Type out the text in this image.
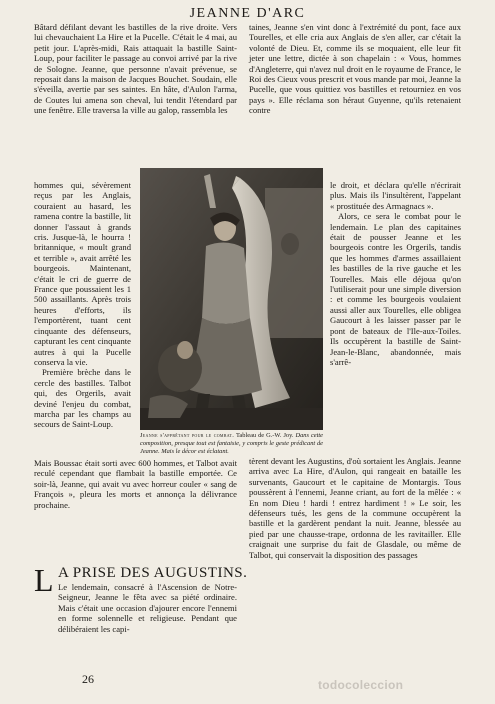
JEANNE D'ARC

Bâtard défilant devant les bastilles de la rive droite. Vers lui chevauchaient La Hire et la Pucelle. C'était le 4 mai, au petit jour. L'après-midi, Rais attaquait la bastille Saint-Loup, pour faciliter le passage au convoi arrivé par la rive de Sologne. Jeanne, que personne n'avait prévenue, se reposait dans la maison de Jacques Bouchet. Soudain, elle s'éveilla, avertie par ses saintes. En hâte, d'Aulon l'arma, de Coutes lui amena son cheval, lui tendit l'étendard par une fenêtre. Elle traversa la ville au galop, rassembla les

taines, Jeanne s'en vint donc à l'extrémité du pont, face aux Tourelles, et elle cria aux Anglais de s'en aller, car c'était la volonté de Dieu. Et, comme ils se moquaient, elle leur fit jeter une lettre, dictée à son chapelain : « Vous, hommes d'Angleterre, qui n'avez nul droit en le royaume de France, le Roi des Cieux vous prescrit et vous mande par moi, Jeanne la Pucelle, que vous quittiez vos bastilles et retourniez en vos pays ». Elle réclama son héraut Guyenne, qu'ils retenaient contre

hommes qui, sévèrement reçus par les Anglais, couraient au hasard, les ramena contre la bastille, lit donner l'assaut à grands cris. Jusque-là, le hourra ! britannique, « moult grand et terrible », avait arrêté les bourgeois. Maintenant, c'était le cri de guerre de France que poussaient les 1 500 assaillants. Après trois heures d'efforts, ils l'emportèrent, tuant cent cinquante des défenseurs, capturant les cent cinquante autres à qui la Pucelle conserva la vie.

Première brèche dans le cercle des bastilles. Talbot qui, des Orgerils, avait deviné l'enjeu du combat, marcha par les champs au secours de Saint-Loup.

le droit, et déclara qu'elle n'écrirait plus. Mais ils l'insultèrent, l'appelant « prostituée des Armagnacs ».

Alors, ce sera le combat pour le lendemain. Le plan des capitaines était de pousser Jeanne et les bourgeois contre les Orgerils, tandis que les hommes d'armes assaillaient les bastilles de la rive gauche et les Tourelles. Mais elle déjoua qu'on l'utiliserait pour une simple diversion : et comme les bourgeois voulaient aussi aller aux Tourelles, elle obligea Gaucourt à les laisser passer par le pont de bateaux de l'Ile-aux-Toiles. Ils occupèrent la bastille de Saint-Jean-le-Blanc, abandonnée, mais s'arrê-

Jeanne s'apprêtant pour le combat. Tableau de G.-W. Joy. Dans cette composition, presque tout est fantaisie, y compris le geste prédicant de Jeanne. Mais le décor est éclatant.

Mais Boussac était sorti avec 600 hommes, et Talbot avait reculé cependant que flambait la bastille emportée. Ce soir-là, Jeanne, qui avait vu avec horreur couler « sang de François », pleura les morts et annonça la délivrance prochaine.

tèrent devant les Augustins, d'où sortaient les Anglais. Jeanne arriva avec La Hire, d'Aulon, qui rangeait en bataille les survenants, Gaucourt et le capitaine de Montargis. Tous poussèrent à l'ennemi, Jeanne criant, au fort de la mêlée : « En nom Dieu ! hardi ! entrez hardiment ! » Le soir, les défenseurs tués, les gens de la commune occupèrent la bastille et la gardèrent pendant la nuit. Jeanne, blessée au pied par une chausse-trape, ordonna de les ravitailler. Elle craignait une surprise du fait de Glasdale, ou même de Talbot, qui conservait la disposition des passages

L A PRISE DES AUGUSTINS.
Le lendemain, consacré à l'Ascension de Notre-Seigneur, Jeanne le fêta avec sa piété ordinaire. Mais c'était une occasion d'ajourer encore l'ennemi en forme solennelle et religieuse. Pendant que délibéraient les capi-
26	todocoleccion
